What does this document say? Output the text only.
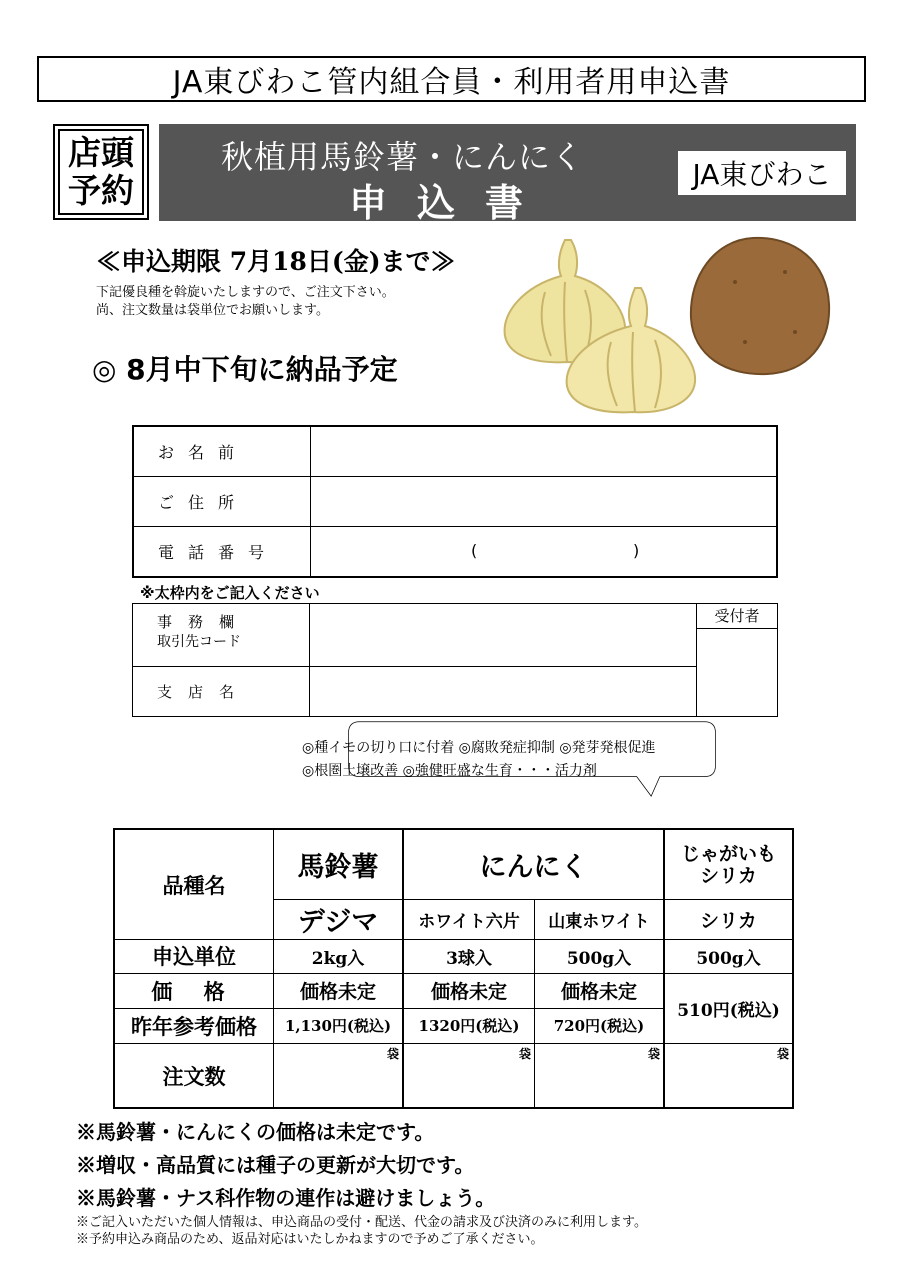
JA東びわこ管内組合員・利用者用申込書
店頭
予約
秋植用馬鈴薯・にんにく
申込書
JA東びわこ
≪申込期限 7月18日(金)まで≫
下記優良種を斡旋いたしますので、ご注文下さい。
尚、注文数量は袋単位でお願いします。
◎ 8月中下旬に納品予定
お名前	
ご住所	
電話番号	( )
※太枠内をご記入ください
事務欄
取引先コード		受付者

支店名		
◎種イモの切り口に付着 ◎腐敗発症抑制 ◎発芽発根促進
◎根圏土壌改善 ◎強健旺盛な生育・・・活力剤
品種名	馬鈴薯	にんにく		じゃがいも
シリカ
	デジマ	ホワイト六片	山東ホワイト	シリカ
申込単位	2kg入	3球入	500g入	500g入
価 格	価格未定	価格未定	価格未定	510円(税込)
昨年参考価格	1,130円(税込)	1320円(税込)	720円(税込)	
注文数	袋	袋	袋	袋
※馬鈴薯・にんにくの価格は未定です。
※増収・高品質には種子の更新が大切です。
※馬鈴薯・ナス科作物の連作は避けましょう。
※ご記入いただいた個人情報は、申込商品の受付・配送、代金の請求及び決済のみに利用します。
※予約申込み商品のため、返品対応はいたしかねますので予めご了承ください。
